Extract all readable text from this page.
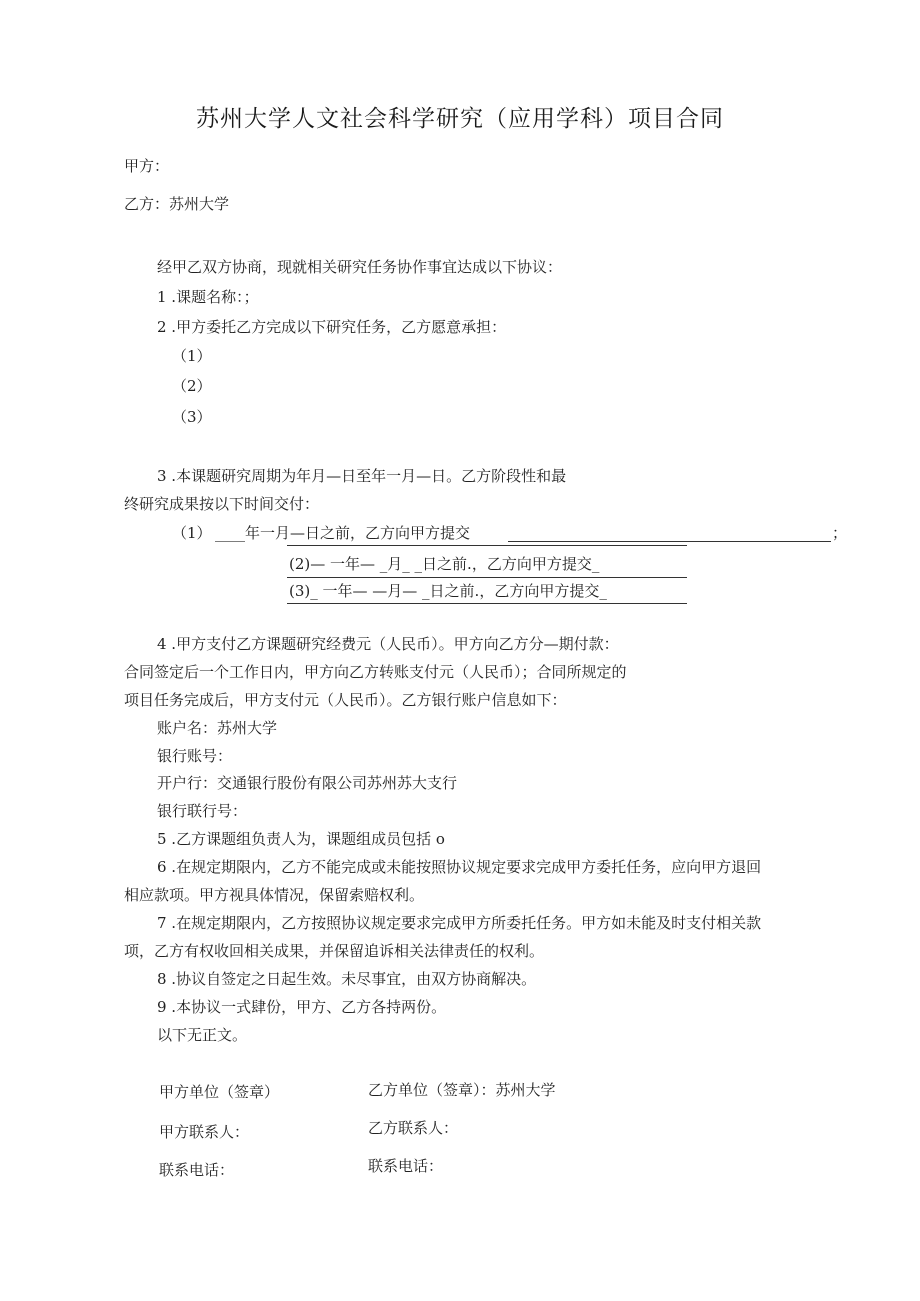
苏州大学人文社会科学研究（应用学科）项目合同
甲方：
乙方：苏州大学
经甲乙双方协商，现就相关研究任务协作事宜达成以下协议：
1 .课题名称：；
2 .甲方委托乙方完成以下研究任务，乙方愿意承担：
（1）
（2）
（3）
3 .本课题研究周期为年月—日至年一月—日。乙方阶段性和最
终研究成果按以下时间交付：
（1） ____年一月—日之前，乙方向甲方提交	；
(2)— 一年— _月_ _日之前.，乙方向甲方提交_
(3)_ 一年— —月— _日之前.，乙方向甲方提交_
4 .甲方支付乙方课题研究经费元（人民币）。甲方向乙方分—期付款：
合同签定后一个工作日内，甲方向乙方转账支付元（人民币）；合同所规定的
项目任务完成后，甲方支付元（人民币）。乙方银行账户信息如下：
账户名：苏州大学
银行账号：
开户行：交通银行股份有限公司苏州苏大支行
银行联行号：
5 .乙方课题组负责人为，课题组成员包括 o
6 .在规定期限内，乙方不能完成或未能按照协议规定要求完成甲方委托任务，应向甲方退回
相应款项。甲方视具体情况，保留索赔权利。
7 .在规定期限内，乙方按照协议规定要求完成甲方所委托任务。甲方如未能及时支付相关款
项，乙方有权收回相关成果，并保留追诉相关法律责任的权利。
8 .协议自签定之日起生效。未尽事宜，由双方协商解决。
9 .本协议一式肆份，甲方、乙方各持两份。
以下无正文。
甲方单位（签章）	乙方单位（签章）：苏州大学
甲方联系人：	乙方联系人：
联系电话：	联系电话：
